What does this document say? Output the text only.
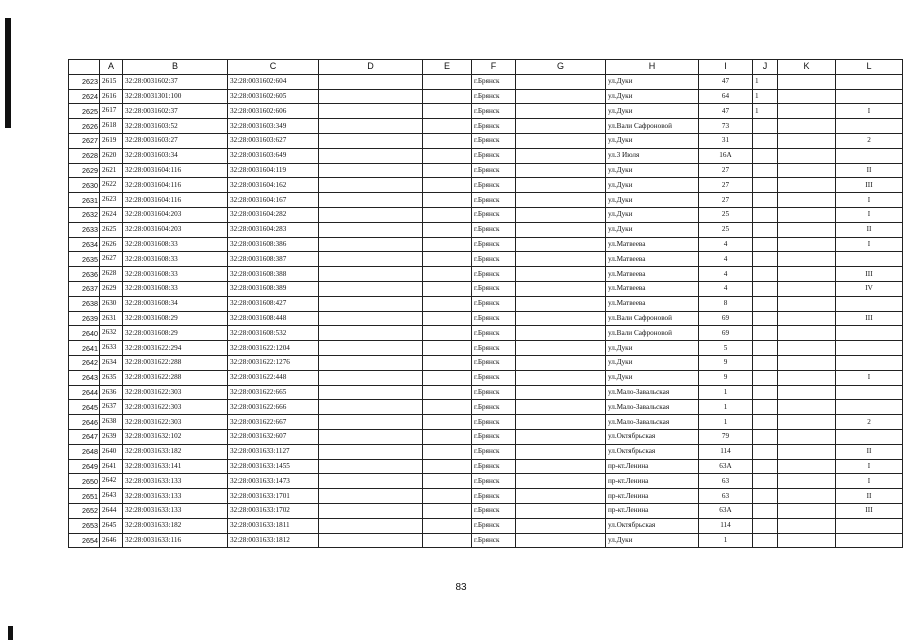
	A	B	C	D	E	F	G	H	I	J	K	L
2623	2615	32:28:0031602:37	32:28:0031602:604			г.Брянск		ул.Дуки	47	1		
2624	2616	32:28:0031301:100	32:28:0031602:605			г.Брянск		ул.Дуки	64	1		
2625	2617	32:28:0031602:37	32:28:0031602:606			г.Брянск		ул.Дуки	47	1		I
2626	2618	32:28:0031603:52	32:28:0031603:349			г.Брянск		ул.Вали Сафроновой	73			
2627	2619	32:28:0031603:27	32:28:0031603:627			г.Брянск		ул.Дуки	31			2
2628	2620	32:28:0031603:34	32:28:0031603:649			г.Брянск		ул.3 Июля	16А			
2629	2621	32:28:0031604:116	32:28:0031604:119			г.Брянск		ул.Дуки	27			II
2630	2622	32:28:0031604:116	32:28:0031604:162			г.Брянск		ул.Дуки	27			III
2631	2623	32:28:0031604:116	32:28:0031604:167			г.Брянск		ул.Дуки	27			I
2632	2624	32:28:0031604:203	32:28:0031604:282			г.Брянск		ул.Дуки	25			I
2633	2625	32:28:0031604:203	32:28:0031604:283			г.Брянск		ул.Дуки	25			II
2634	2626	32:28:0031608:33	32:28:0031608:386			г.Брянск		ул.Матвеева	4			I
2635	2627	32:28:0031608:33	32:28:0031608:387			г.Брянск		ул.Матвеева	4			
2636	2628	32:28:0031608:33	32:28:0031608:388			г.Брянск		ул.Матвеева	4			III
2637	2629	32:28:0031608:33	32:28:0031608:389			г.Брянск		ул.Матвеева	4			IV
2638	2630	32:28:0031608:34	32:28:0031608:427			г.Брянск		ул.Матвеева	8			
2639	2631	32:28:0031608:29	32:28:0031608:448			г.Брянск		ул.Вали Сафроновой	69			III
2640	2632	32:28:0031608:29	32:28:0031608:532			г.Брянск		ул.Вали Сафроновой	69			
2641	2633	32:28:0031622:294	32:28:0031622:1204			г.Брянск		ул.Дуки	5			
2642	2634	32:28:0031622:288	32:28:0031622:1276			г.Брянск		ул.Дуки	9			
2643	2635	32:28:0031622:288	32:28:0031622:448			г.Брянск		ул.Дуки	9			I
2644	2636	32:28:0031622:303	32:28:0031622:665			г.Брянск		ул.Мало-Завальская	1			
2645	2637	32:28:0031622:303	32:28:0031622:666			г.Брянск		ул.Мало-Завальская	1			
2646	2638	32:28:0031622:303	32:28:0031622:667			г.Брянск		ул.Мало-Завальская	1			2
2647	2639	32:28:0031632:102	32:28:0031632:607			г.Брянск		ул.Октябрьская	79			
2648	2640	32:28:0031633:182	32:28:0031633:1127			г.Брянск		ул.Октябрьская	114			II
2649	2641	32:28:0031633:141	32:28:0031633:1455			г.Брянск		пр-кт.Ленина	63А			I
2650	2642	32:28:0031633:133	32:28:0031633:1473			г.Брянск		пр-кт.Ленина	63			I
2651	2643	32:28:0031633:133	32:28:0031633:1701			г.Брянск		пр-кт.Ленина	63			II
2652	2644	32:28:0031633:133	32:28:0031633:1702			г.Брянск		пр-кт.Ленина	63А			III
2653	2645	32:28:0031633:182	32:28:0031633:1811			г.Брянск		ул.Октябрьская	114			
2654	2646	32:28:0031633:116	32:28:0031633:1812			г.Брянск		ул.Дуки	1			
83
